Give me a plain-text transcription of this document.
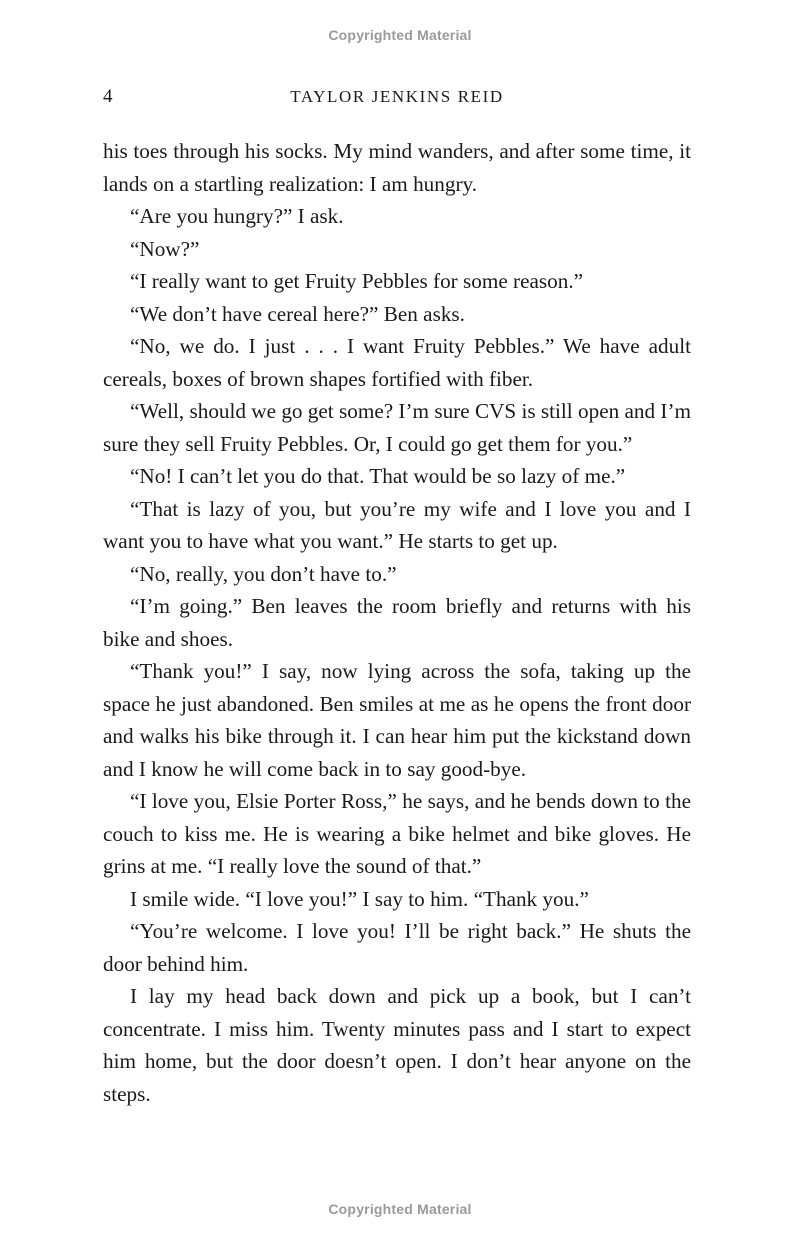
Copyrighted Material
4	TAYLOR JENKINS REID

his toes through his socks. My mind wanders, and after some time, it lands on a startling realization: I am hungry.

“Are you hungry?” I ask.

“Now?”

“I really want to get Fruity Pebbles for some reason.”

“We don’t have cereal here?” Ben asks.

“No, we do. I just . . . I want Fruity Pebbles.” We have adult cereals, boxes of brown shapes fortified with fiber.

“Well, should we go get some? I’m sure CVS is still open and I’m sure they sell Fruity Pebbles. Or, I could go get them for you.”

“No! I can’t let you do that. That would be so lazy of me.”

“That is lazy of you, but you’re my wife and I love you and I want you to have what you want.” He starts to get up.

“No, really, you don’t have to.”

“I’m going.” Ben leaves the room briefly and returns with his bike and shoes.

“Thank you!” I say, now lying across the sofa, taking up the space he just abandoned. Ben smiles at me as he opens the front door and walks his bike through it. I can hear him put the kickstand down and I know he will come back in to say good-bye.

“I love you, Elsie Porter Ross,” he says, and he bends down to the couch to kiss me. He is wearing a bike helmet and bike gloves. He grins at me. “I really love the sound of that.”

I smile wide. “I love you!” I say to him. “Thank you.”

“You’re welcome. I love you! I’ll be right back.” He shuts the door behind him.

I lay my head back down and pick up a book, but I can’t concentrate. I miss him. Twenty minutes pass and I start to expect him home, but the door doesn’t open. I don’t hear anyone on the steps.

Copyrighted Material
